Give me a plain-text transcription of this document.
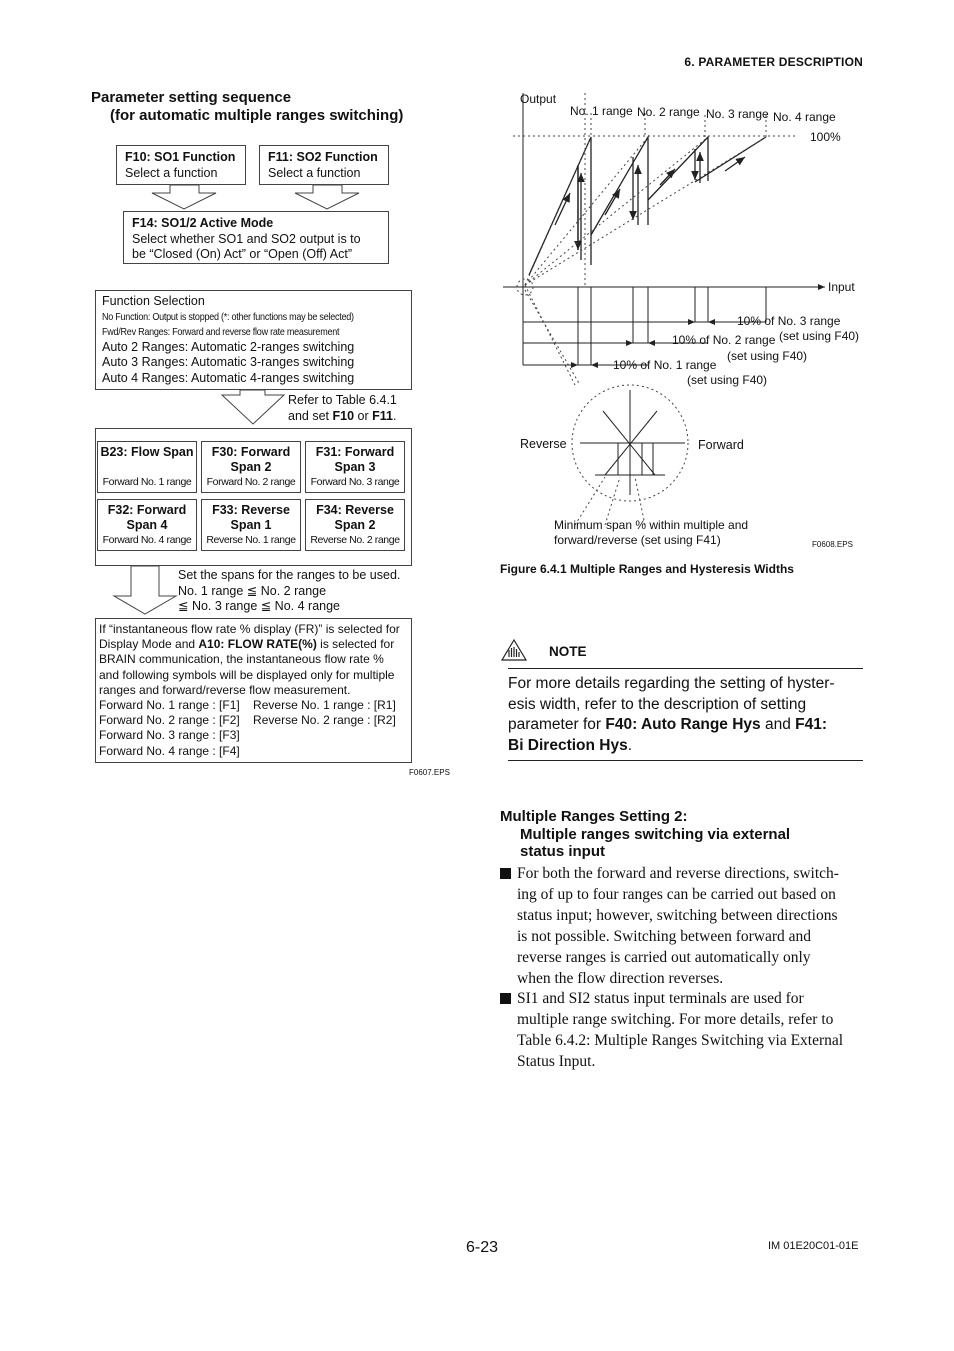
6. PARAMETER DESCRIPTION
Parameter setting sequence
(for automatic multiple ranges switching)
F10: SO1 Function
Select a function
F11: SO2 Function
Select a function
F14: SO1/2 Active Mode
Select whether SO1 and SO2 output is to
be “Closed (On) Act” or “Open (Off) Act”
Function Selection
No Function: Output is stopped (*: other functions may be selected)
Fwd/Rev Ranges: Forward and reverse flow rate measurement
Auto 2 Ranges: Automatic 2-ranges switching
Auto 3 Ranges: Automatic 3-ranges switching
Auto 4 Ranges: Automatic 4-ranges switching
Refer to Table 6.4.1
and set F10 or F11.
B23: Flow Span
Forward No. 1 range
F30: Forward
Span 2
Forward No. 2 range
F31: Forward
Span 3
Forward No. 3 range
F32: Forward
Span 4
Forward No. 4 range
F33: Reverse
Span 1
Reverse No. 1 range
F34: Reverse
Span 2
Reverse No. 2 range
Set the spans for the ranges to be used.
No. 1 range ≦ No. 2 range
≦ No. 3 range ≦ No. 4 range
If “instantaneous flow rate % display (FR)” is selected for
Display Mode and A10: FLOW RATE(%) is selected for
BRAIN communication, the instantaneous flow rate %
and following symbols will be displayed only for multiple
ranges and forward/reverse flow measurement.
Forward No. 1 range : [F1]    Reverse No. 1 range : [R1]
Forward No. 2 range : [F2]    Reverse No. 2 range : [R2]
Forward No. 3 range : [F3]
Forward No. 4 range : [F4]
F0607.EPS
Output
No. 1 range No. 2 range No. 3 range No. 4 range
100%
Input
10% of No. 3 range
(set using F40)
10% of No. 2 range
(set using F40)
10% of No. 1 range
(set using F40)
Reverse	Forward
Minimum span % within multiple and
forward/reverse (set using F41)	F0608.EPS
Figure 6.4.1 Multiple Ranges and Hysteresis Widths
NOTE
For more details regarding the setting of hyster-
esis width, refer to the description of setting
parameter for F40: Auto Range Hys and F41:
Bi Direction Hys.
Multiple Ranges Setting 2:
Multiple ranges switching via external
status input
For both the forward and reverse directions, switch-
ing of up to four ranges can be carried out based on
status input; however, switching between directions
is not possible. Switching between forward and
reverse ranges is carried out automatically only
when the flow direction reverses.
SI1 and SI2 status input terminals are used for
multiple range switching. For more details, refer to
Table 6.4.2: Multiple Ranges Switching via External
Status Input.
6-23	IM 01E20C01-01E
